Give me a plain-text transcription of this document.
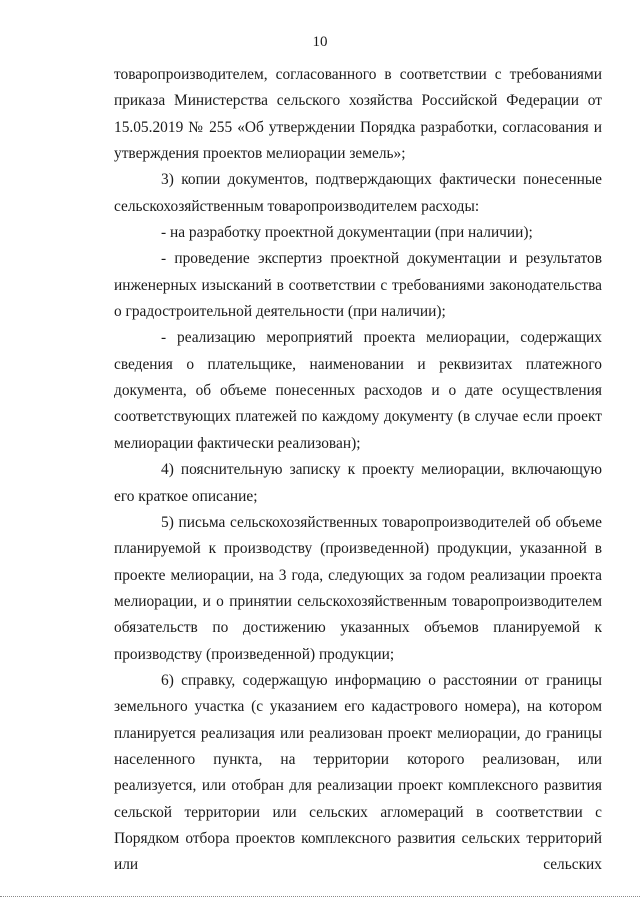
10

товаропроизводителем, согласованного в соответствии с требованиями приказа Министерства сельского хозяйства Российской Федерации от 15.05.2019 № 255 «Об утверждении Порядка разработки, согласования и утверждения проектов мелиорации земель»;

3) копии документов, подтверждающих фактически понесенные сельскохозяйственным товаропроизводителем расходы:

- на разработку проектной документации (при наличии);

- проведение экспертиз проектной документации и результатов инженерных изысканий в соответствии с требованиями законодательства о градостроительной деятельности (при наличии);

- реализацию мероприятий проекта мелиорации, содержащих сведения о плательщике, наименовании и реквизитах платежного документа, об объеме понесенных расходов и о дате осуществления соответствующих платежей по каждому документу (в случае если проект мелиорации фактически реализован);

4) пояснительную записку к проекту мелиорации, включающую его краткое описание;

5) письма сельскохозяйственных товаропроизводителей об объеме планируемой к производству (произведенной) продукции, указанной в проекте мелиорации, на 3 года, следующих за годом реализации проекта мелиорации, и о принятии сельскохозяйственным товаропроизводителем обязательств по достижению указанных объемов планируемой к производству (произведенной) продукции;

6) справку, содержащую информацию о расстоянии от границы земельного участка (с указанием его кадастрового номера), на котором планируется реализация или реализован проект мелиорации, до границы населенного пункта, на территории которого реализован, или реализуется, или отобран для реализации проект комплексного развития сельской территории или сельских агломераций в соответствии с Порядком отбора проектов комплексного развития сельских территорий или сельских
